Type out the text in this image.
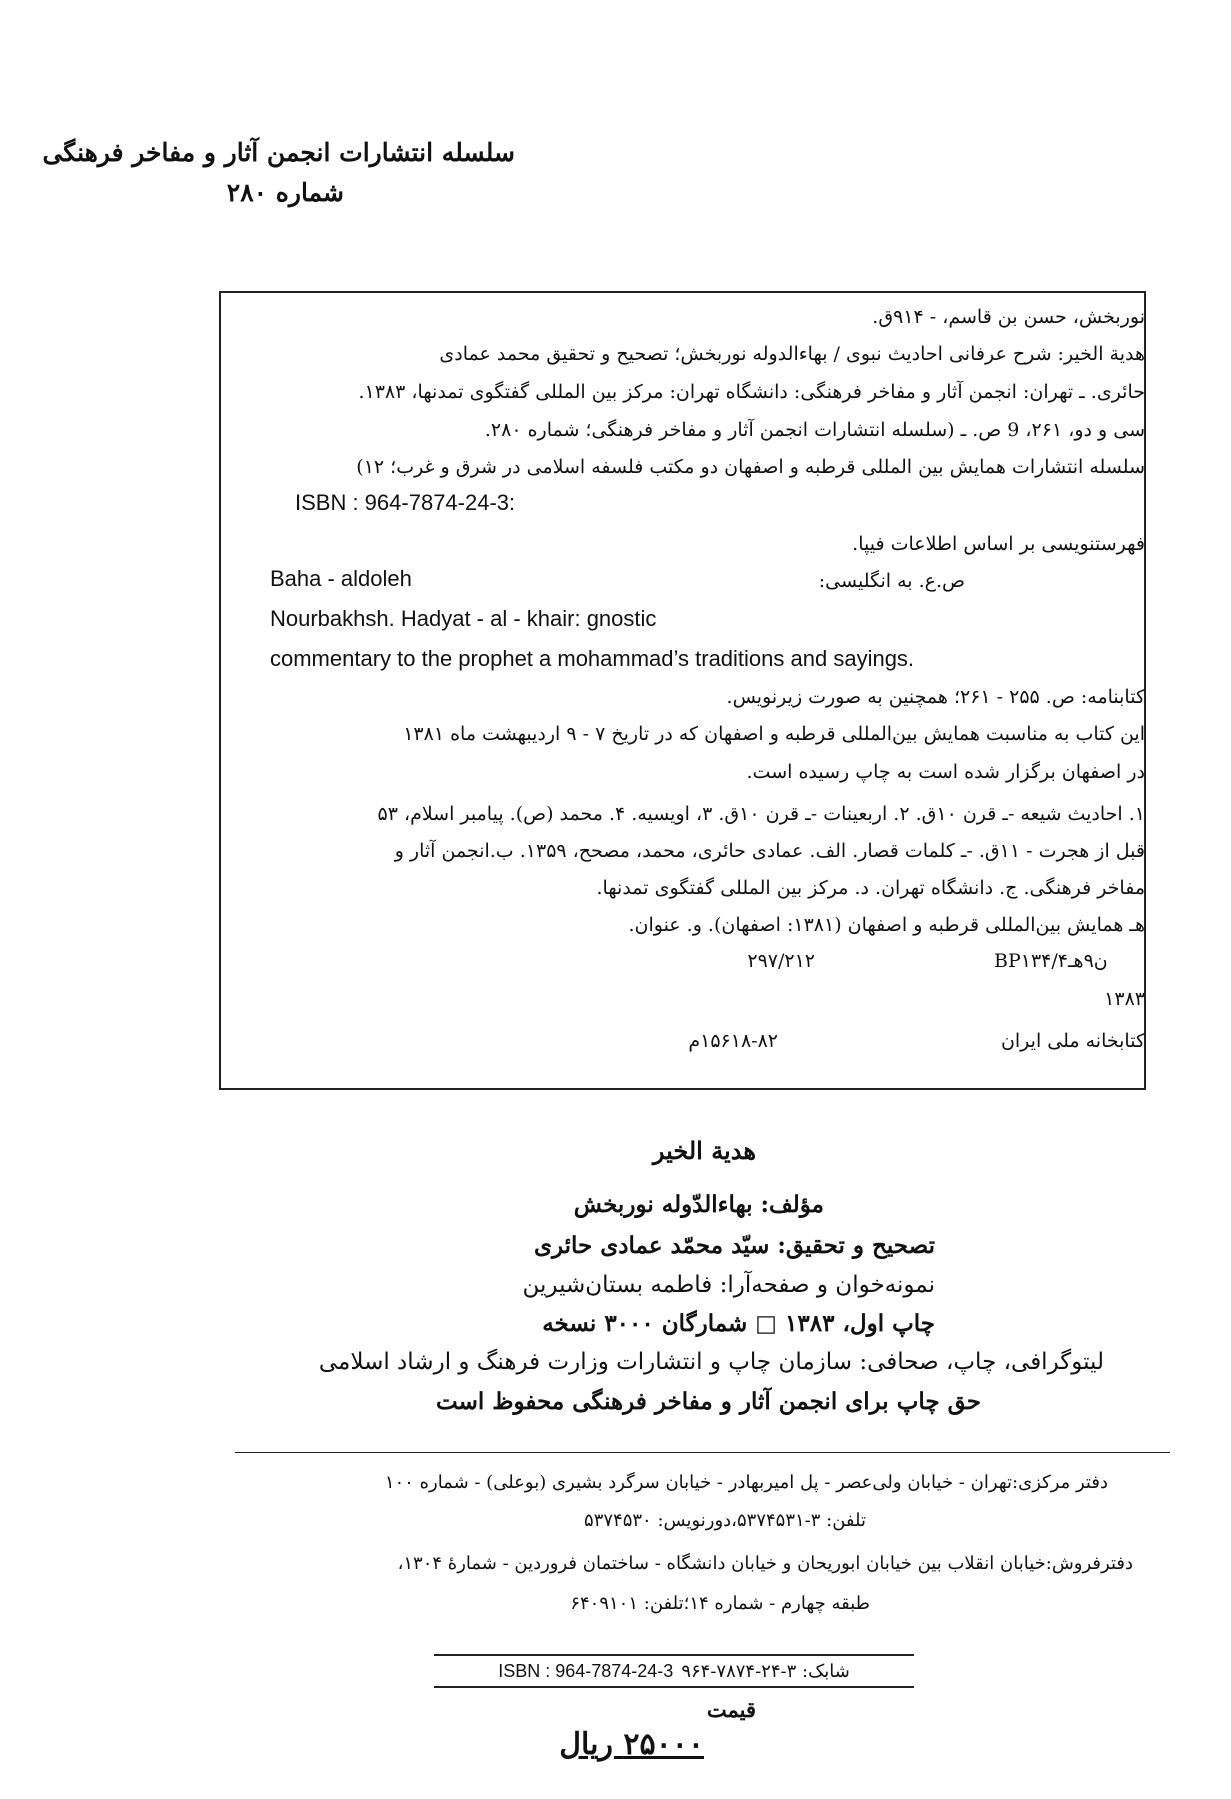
سلسله انتشارات انجمن آثار و مفاخر فرهنگی
شماره ۲۸۰
نوربخش، حسن بن قاسم، - ۹۱۴ق.
هدیة الخیر: شرح عرفانی احادیث نبوی / بهاءالدوله نوربخش؛ تصحیح و تحقیق محمد عمادی
حائری. ـ تهران: انجمن آثار و مفاخر فرهنگی: دانشگاه تهران: مرکز بین المللی گفتگوی تمدنها، ۱۳۸۳.
سی و دو، ۲۶۱، 9 ص. ـ (سلسله انتشارات انجمن آثار و مفاخر فرهنگی؛ شماره ۲۸۰.
سلسله انتشارات همایش بین المللی قرطبه و اصفهان دو مکتب فلسفه اسلامی در شرق و غرب؛ ۱۲)
ISBN : 964-7874-24-3:
فهرستنویسی بر اساس اطلاعات فیپا.
Baha - aldoleh	ص.ع. به انگلیسی:
Nourbakhsh. Hadyat - al - khair: gnostic
commentary to the prophet a mohammad’s traditions and sayings.
کتابنامه: ص. ۲۵۵ - ۲۶۱؛ همچنین به صورت زیرنویس.
این کتاب به مناسبت همایش بین‌المللی قرطبه و اصفهان که در تاریخ ۷ - ۹ اردیبهشت ماه ۱۳۸۱
در اصفهان برگزار شده است به چاپ رسیده است.
۱. احادیث شیعه -ـ قرن ۱۰ق. ۲. اربعینات -ـ قرن ۱۰ق. ۳، اویسیه. ۴. محمد (ص). پیامبر اسلام، ۵۳
قبل از هجرت - ۱۱ق. -ـ کلمات قصار. الف. عمادی حائری، محمد، مصحح، ۱۳۵۹. ب.انجمن آثار و
مفاخر فرهنگی. ج. دانشگاه تهران. د. مرکز بین المللی گفتگوی تمدنها.
هـ همایش بین‌المللی قرطبه و اصفهان (۱۳۸۱: اصفهان). و. عنوان.
BP۱۳۴/ن۹هـ۴
۲۹۷/۲۱۲
۱۳۸۳
کتابخانه ملی ایران
۱۵۶۱۸-۸۲م
هدیة الخیر
مؤلف: بهاءالدّوله نوربخش
تصحیح و تحقیق: سیّد محمّد عمادی حائری
نمونه‌خوان و صفحه‌آرا: فاطمه بستان‌شیرین
چاپ اول، ۱۳۸۳ □ شمارگان ۳۰۰۰ نسخه
لیتوگرافی، چاپ، صحافی: سازمان چاپ و انتشارات وزارت فرهنگ و ارشاد اسلامی
حق چاپ برای انجمن آثار و مفاخر فرهنگی محفوظ است
دفتر مرکزی:تهران - خیابان ولی‌عصر - پل امیربهادر - خیابان سرگرد بشیری (بوعلی) - شماره ۱۰۰
تلفن: ۳-۵۳۷۴۵۳۱،دورنویس: ۵۳۷۴۵۳۰
دفترفروش:خیابان انقلاب بین خیابان ابوریحان و خیابان دانشگاه - ساختمان فروردین - شمارهٔ ۱۳۰۴،
طبقه چهارم - شماره ۱۴؛تلفن: ۶۴۰۹۱۰۱
ISBN : 964-7874-24-3 شابک: ۳-۲۴-۷۸۷۴-۹۶۴
قیمت
۲۵۰۰۰ ریال
